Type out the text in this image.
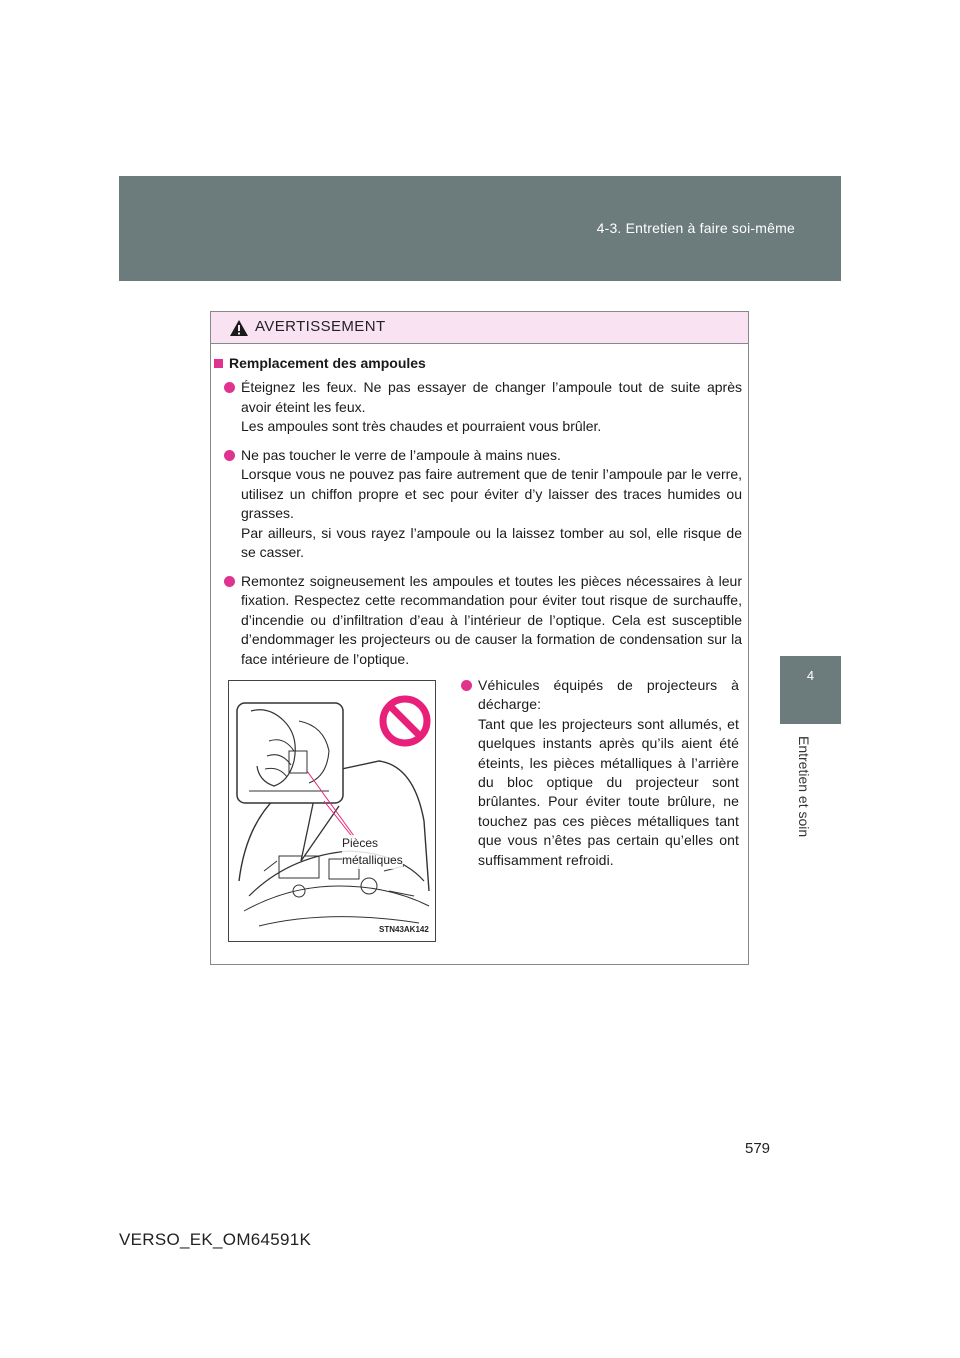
4-3. Entretien à faire soi-même
4
Entretien et soin
AVERTISSEMENT
Remplacement des ampoules
Éteignez les feux. Ne pas essayer de changer l’ampoule tout de suite après avoir éteint les feux.
Les ampoules sont très chaudes et pourraient vous brûler.
Ne pas toucher le verre de l’ampoule à mains nues.
Lorsque vous ne pouvez pas faire autrement que de tenir l’ampoule par le verre, utilisez un chiffon propre et sec pour éviter d’y laisser des traces humides ou grasses.
Par ailleurs, si vous rayez l’ampoule ou la laissez tomber au sol, elle risque de se casser.
Remontez soigneusement les ampoules et toutes les pièces nécessaires à leur fixation. Respectez cette recommandation pour éviter tout risque de surchauffe, d’incendie ou d’infiltration d’eau à l’intérieur de l’optique. Cela est susceptible d’endommager les projecteurs ou de causer la formation de condensation sur la face intérieure de l’optique.
Pièces
métalliques
STN43AK142
Véhicules équipés de projecteurs à décharge:
Tant que les projecteurs sont allumés, et quelques instants après qu’ils aient été éteints, les pièces métalliques à l’arrière du bloc optique du projecteur sont brûlantes. Pour éviter toute brûlure, ne touchez pas ces pièces métalliques tant que vous n’êtes pas certain qu’elles ont suffisamment refroidi.
579
VERSO_EK_OM64591K
